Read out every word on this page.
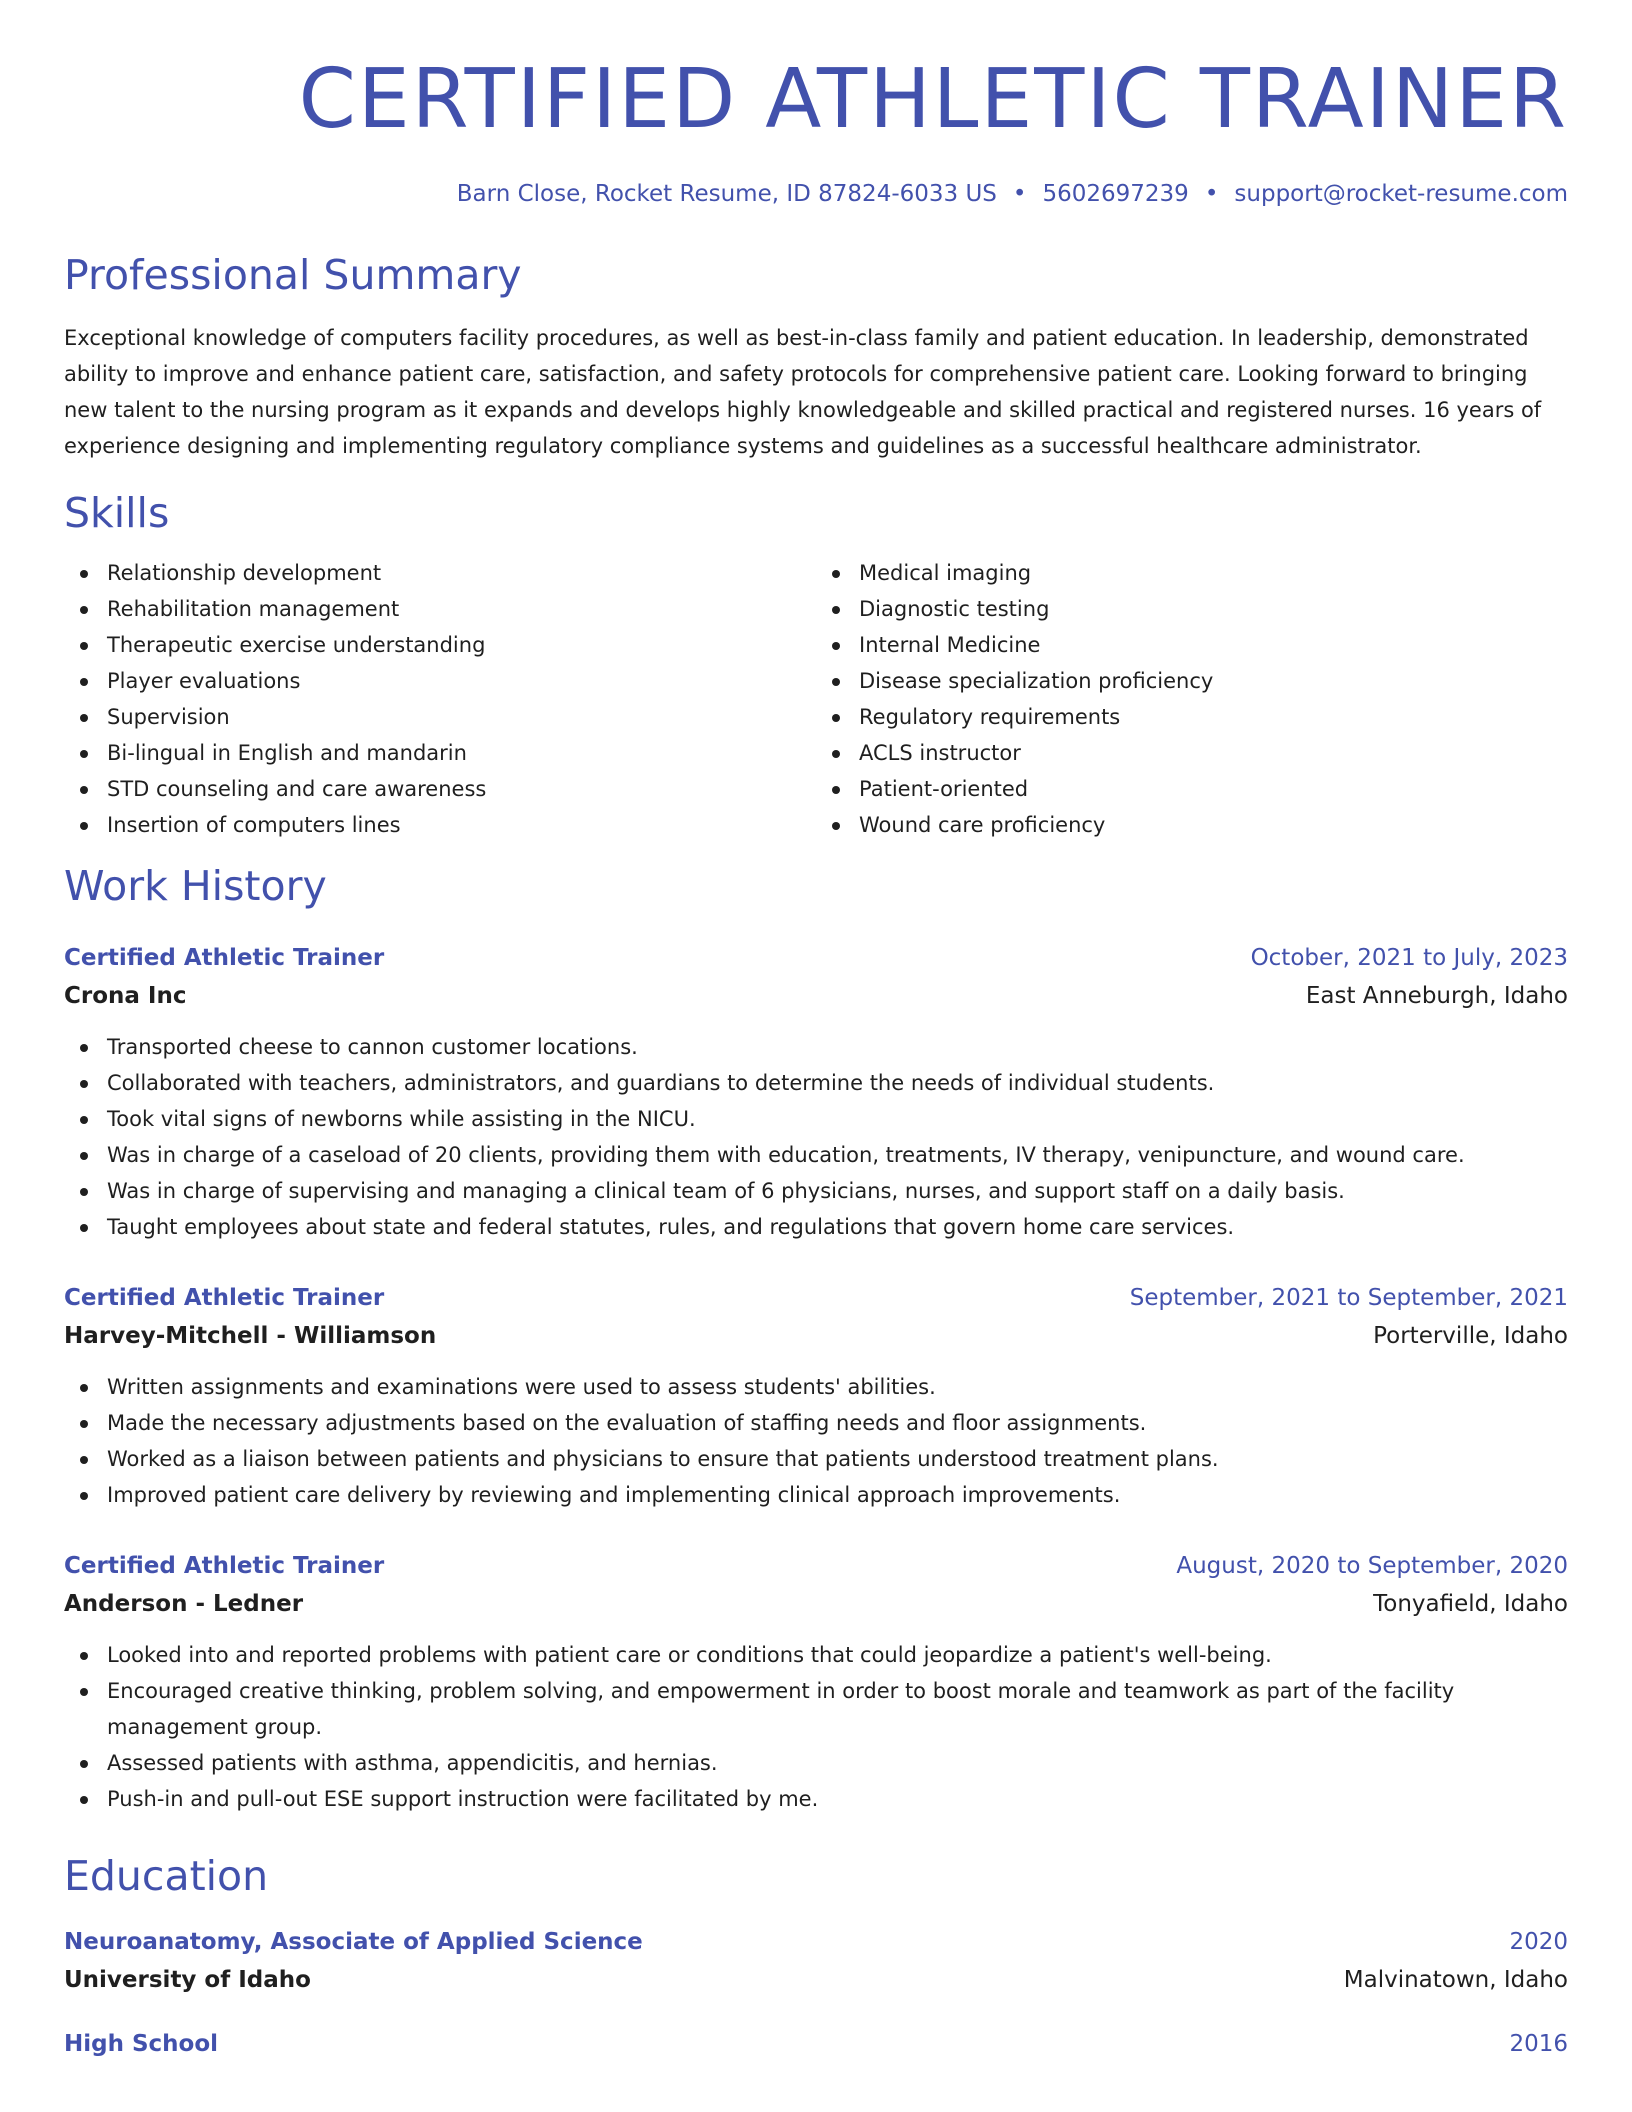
CERTIFIED ATHLETIC TRAINER
Barn Close, Rocket Resume, ID 87824-6033 US • 5602697239 • support@rocket-resume.com
Professional Summary

Exceptional knowledge of computers facility procedures, as well as best-in-class family and patient education. In leadership, demonstrated ability to improve and enhance patient care, satisfaction, and safety protocols for comprehensive patient care. Looking forward to bringing new talent to the nursing program as it expands and develops highly knowledgeable and skilled practical and registered nurses. 16 years of experience designing and implementing regulatory compliance systems and guidelines as a successful healthcare administrator.

Skills
Relationship development
Rehabilitation management
Therapeutic exercise understanding
Player evaluations
Supervision
Bi-lingual in English and mandarin
STD counseling and care awareness
Insertion of computers lines
Medical imaging
Diagnostic testing
Internal Medicine
Disease specialization proficiency
Regulatory requirements
ACLS instructor
Patient-oriented
Wound care proficiency
Work History
Certified Athletic Trainer	October, 2021 to July, 2023
Crona Inc	East Anneburgh, Idaho
Transported cheese to cannon customer locations.
Collaborated with teachers, administrators, and guardians to determine the needs of individual students.
Took vital signs of newborns while assisting in the NICU.
Was in charge of a caseload of 20 clients, providing them with education, treatments, IV therapy, venipuncture, and wound care.
Was in charge of supervising and managing a clinical team of 6 physicians, nurses, and support staff on a daily basis.
Taught employees about state and federal statutes, rules, and regulations that govern home care services.
Certified Athletic Trainer	September, 2021 to September, 2021
Harvey-Mitchell - Williamson	Porterville, Idaho
Written assignments and examinations were used to assess students' abilities.
Made the necessary adjustments based on the evaluation of staffing needs and floor assignments.
Worked as a liaison between patients and physicians to ensure that patients understood treatment plans.
Improved patient care delivery by reviewing and implementing clinical approach improvements.
Certified Athletic Trainer	August, 2020 to September, 2020
Anderson - Ledner	Tonyafield, Idaho
Looked into and reported problems with patient care or conditions that could jeopardize a patient's well-being.
Encouraged creative thinking, problem solving, and empowerment in order to boost morale and teamwork as part of the facility management group.
Assessed patients with asthma, appendicitis, and hernias.
Push-in and pull-out ESE support instruction were facilitated by me.
Education
Neuroanatomy, Associate of Applied Science	2020
University of Idaho	Malvinatown, Idaho
High School	2016
